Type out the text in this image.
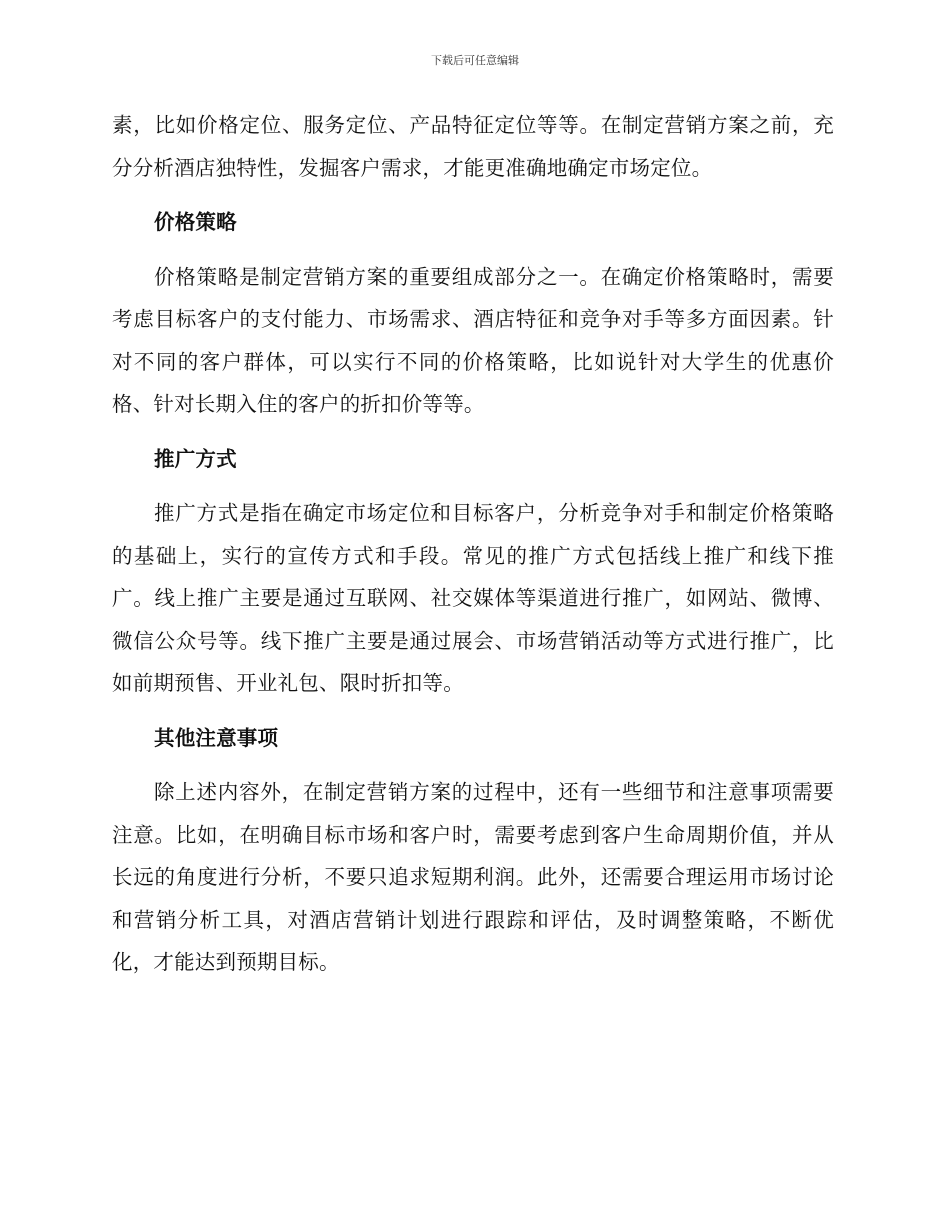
下载后可任意编辑

素，比如价格定位、服务定位、产品特征定位等等。在制定营销方案之前，充分分析酒店独特性，发掘客户需求，才能更准确地确定市场定位。

价格策略

价格策略是制定营销方案的重要组成部分之一。在确定价格策略时，需要考虑目标客户的支付能力、市场需求、酒店特征和竞争对手等多方面因素。针对不同的客户群体，可以实行不同的价格策略，比如说针对大学生的优惠价格、针对长期入住的客户的折扣价等等。

推广方式

推广方式是指在确定市场定位和目标客户，分析竞争对手和制定价格策略的基础上，实行的宣传方式和手段。常见的推广方式包括线上推广和线下推广。线上推广主要是通过互联网、社交媒体等渠道进行推广，如网站、微博、微信公众号等。线下推广主要是通过展会、市场营销活动等方式进行推广，比如前期预售、开业礼包、限时折扣等。

其他注意事项

除上述内容外，在制定营销方案的过程中，还有一些细节和注意事项需要注意。比如，在明确目标市场和客户时，需要考虑到客户生命周期价值，并从长远的角度进行分析，不要只追求短期利润。此外，还需要合理运用市场讨论和营销分析工具，对酒店营销计划进行跟踪和评估，及时调整策略，不断优化，才能达到预期目标。
